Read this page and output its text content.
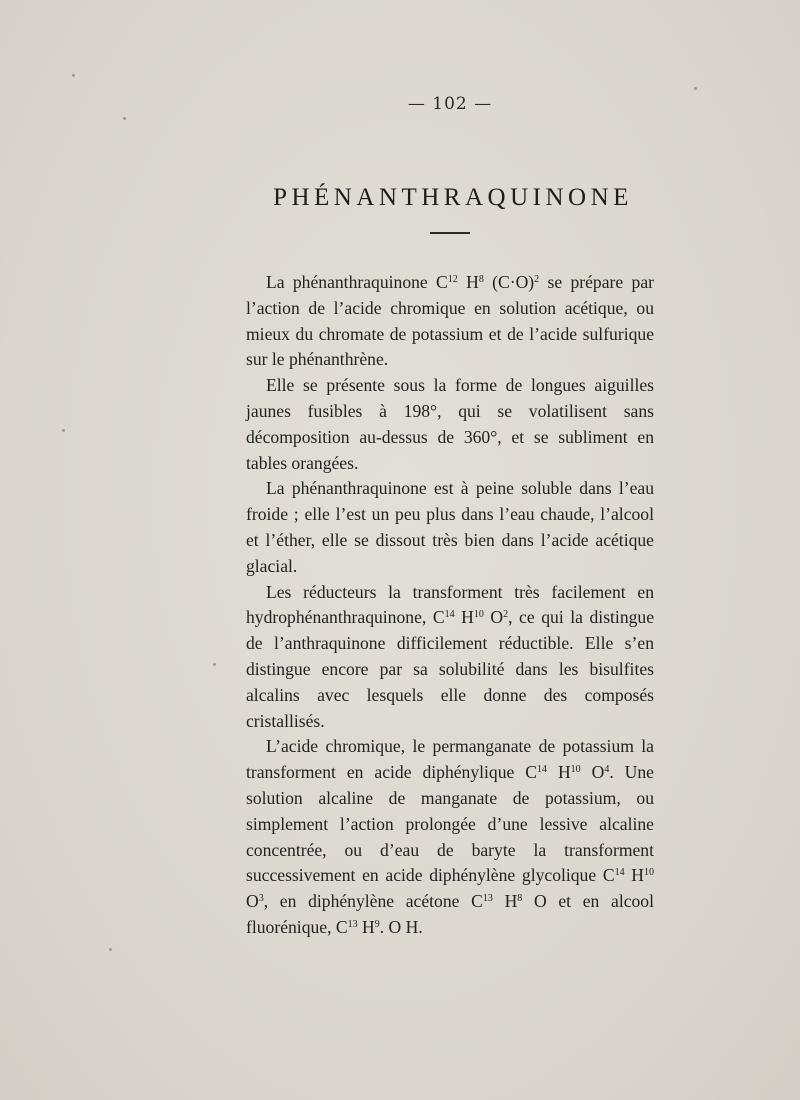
— 102 —
PHÉNANTHRAQUINONE

La phénanthraquinone $C^{12}$ $H^8$ $(C\cdot O)^2$ se prépare par l’action de l’acide chromique en solution acétique, ou mieux du chromate de potassium et de l’acide sulfurique sur le phénanthrène.

Elle se présente sous la forme de longues aiguilles jaunes fusibles à 198°, qui se volatilisent sans décomposition au-dessus de 360°, et se subliment en tables orangées.

La phénanthraquinone est à peine soluble dans l’eau froide ; elle l’est un peu plus dans l’eau chaude, l’alcool et l’éther, elle se dissout très bien dans l’acide acétique glacial.

Les réducteurs la transforment très facilement en hydrophénanthraquinone, $C^{14}$ $H^{10}$ $O^2$, ce qui la distingue de l’anthraquinone difficilement réductible. Elle s’en distingue encore par sa solubilité dans les bisulfites alcalins avec lesquels elle donne des composés cristallisés.

L’acide chromique, le permanganate de potassium la transforment en acide diphénylique $C^{14}$ $H^{10}$ $O^4$. Une solution alcaline de manganate de potassium, ou simplement l’action prolongée d’une lessive alcaline concentrée, ou d’eau de baryte la transforment successivement en acide diphénylène glycolique $C^{14}$ $H^{10}$ $O^3$, en diphénylène acétone $C^{13}$ $H^8$ O et en alcool fluorénique, $C^{13}$ $H^9$. O H.
